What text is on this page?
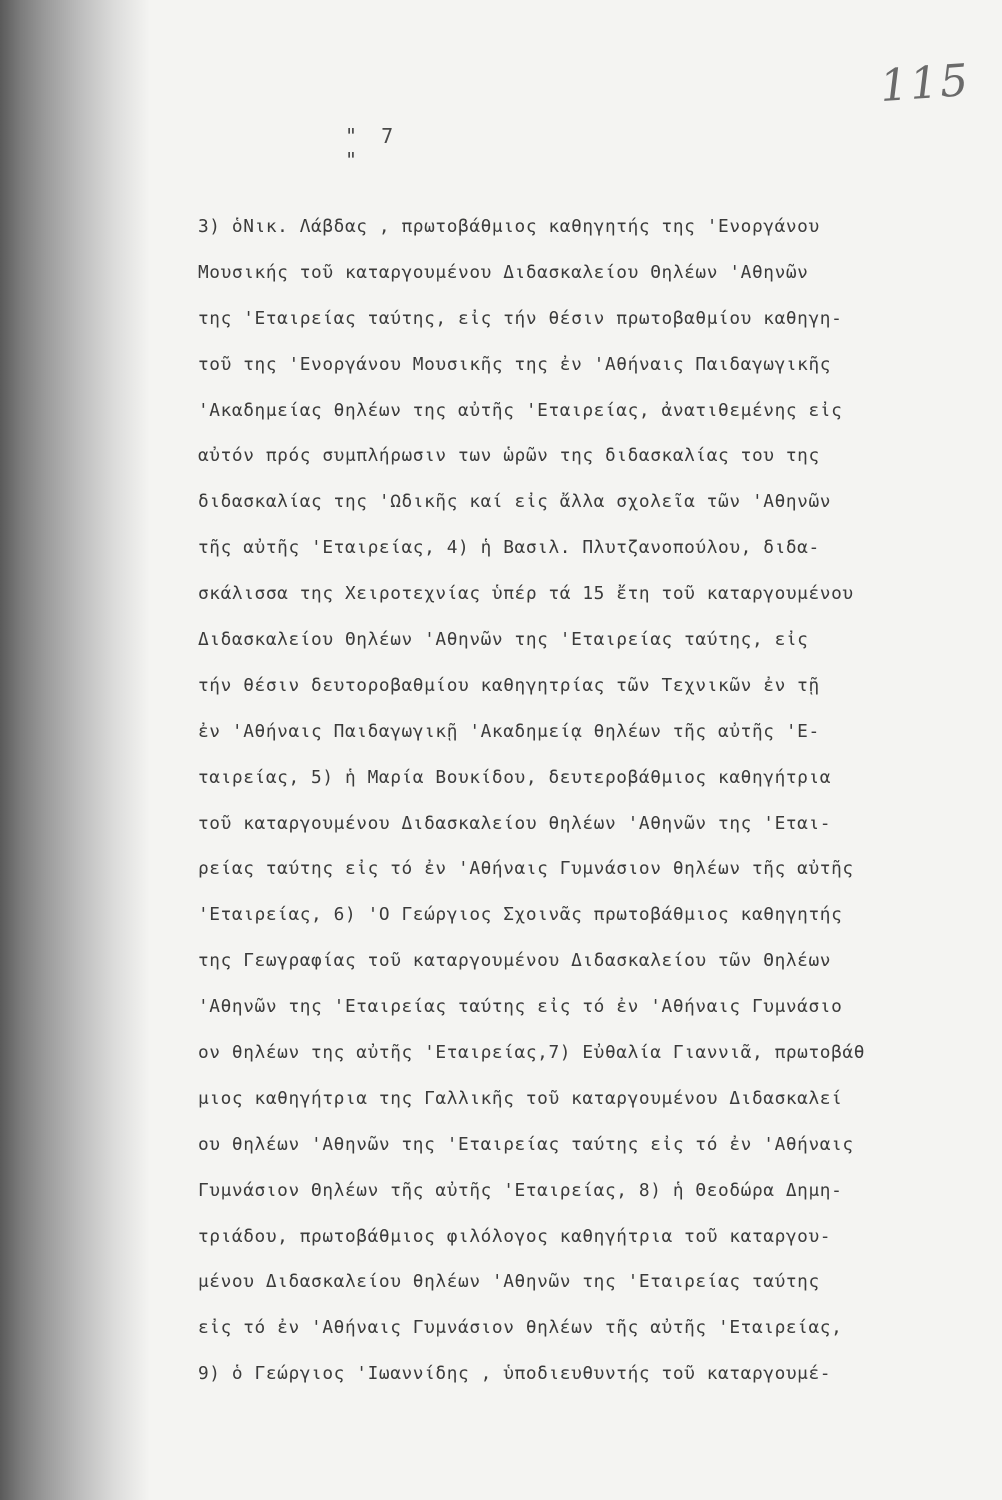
115
" 7 "
3) ὁΝικ. Λάβδας , πρωτοβάθμιος καθηγητής της 'Ενοργάνου
Μουσικής τοῦ καταργουμένου Διδασκαλείου Θηλέων 'Αθηνῶν
της 'Εταιρείας ταύτης, εἰς τήν θέσιν πρωτοβαθμίου καθηγη-
τοῦ της 'Ενοργάνου Μουσικῆς της ἐν 'Αθήναις Παιδαγωγικῆς
'Ακαδημείας θηλέων της αὐτῆς 'Εταιρείας, ἀνατιθεμένης εἰς
αὐτόν πρός συμπλήρωσιν των ὡρῶν της διδασκαλίας του της
διδασκαλίας της 'Ωδικῆς καί εἰς ἄλλα σχολεῖα τῶν 'Αθηνῶν
τῆς αὐτῆς 'Εταιρείας, 4) ἡ Βασιλ. Πλυτζανοπούλου, διδα-
σκάλισσα της Χειροτεχνίας ὑπέρ τά 15 ἔτη τοῦ καταργουμένου
Διδασκαλείου Θηλέων 'Αθηνῶν της 'Εταιρείας ταύτης, εἰς
τήν θέσιν δευτοροβαθμίου καθηγητρίας τῶν Τεχνικῶν ἐν τῇ
ἐν 'Αθήναις Παιδαγωγικῇ 'Ακαδημείᾳ θηλέων τῆς αὐτῆς 'Ε-
ταιρείας, 5) ἡ Μαρία Βουκίδου, δευτεροβάθμιος καθηγήτρια
τοῦ καταργουμένου Διδασκαλείου θηλέων 'Αθηνῶν της 'Εται-
ρείας ταύτης εἰς τό ἐν 'Αθήναις Γυμνάσιον θηλέων τῆς αὐτῆς
'Εταιρείας, 6) 'Ο Γεώργιος Σχοινᾶς πρωτοβάθμιος καθηγητής
της Γεωγραφίας τοῦ καταργουμένου Διδασκαλείου τῶν Θηλέων
'Αθηνῶν της 'Εταιρείας ταύτης εἰς τό ἐν 'Αθήναις Γυμνάσιο
ον θηλέων της αὐτῆς 'Εταιρείας,7) Εὐθαλία Γιαννιᾶ, πρωτοβάθ
μιος καθηγήτρια της Γαλλικῆς τοῦ καταργουμένου Διδασκαλεί
ου θηλέων 'Αθηνῶν της 'Εταιρείας ταύτης εἰς τό ἐν 'Αθήναις
Γυμνάσιον Θηλέων τῆς αὐτῆς 'Εταιρείας, 8) ἡ Θεοδώρα Δημη-
τριάδου, πρωτοβάθμιος φιλόλογος καθηγήτρια τοῦ καταργου-
μένου Διδασκαλείου θηλέων 'Αθηνῶν της 'Εταιρείας ταύτης
εἰς τό ἐν 'Αθήναις Γυμνάσιον θηλέων τῆς αὐτῆς 'Εταιρείας,
9) ὁ Γεώργιος 'Ιωαννίδης , ὑποδιευθυντής τοῦ καταργουμέ-
